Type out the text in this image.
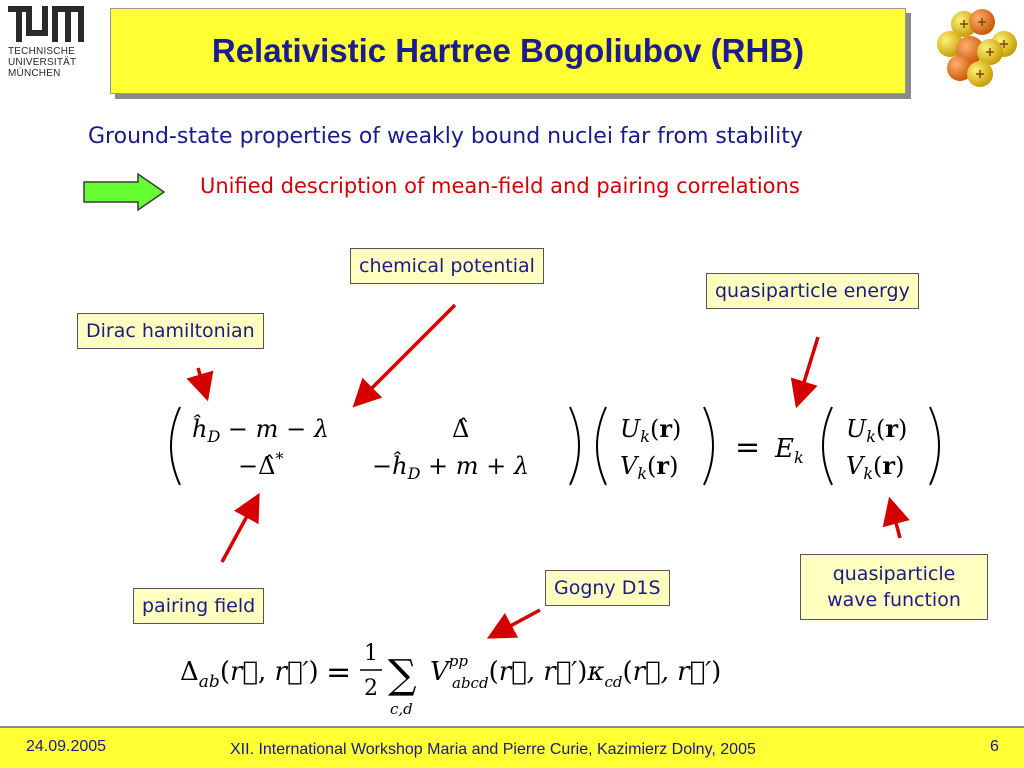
TECHNISCHE
UNIVERSITÄT
MÜNCHEN
Relativistic Hartree Bogoliubov (RHB)
Ground-state properties of weakly bound nuclei far from stability
Unified description of mean-field and pairing correlations
chemical potential
quasiparticle energy
Dirac hamiltonian
pairing field
Gogny D1S
quasiparticle
wave function
$ĥ_D - m - \lambda$	Δ̂
−Δ̂*	$-ĥ_D + m + \lambda$
$U_k(r)$
$V_k(r)$
= $E_k$
$U_k(r)$
$V_k(r)$
$\Delta_{ab}(r⃗$, r⃗′) =
1
2 ∑
c,d
$V^{pp}$ abcd(r⃗, $r⃗')\kappa_{cd}(r⃗$, r⃗′)
24.09.2005	XII. International Workshop Maria and Pierre Curie, Kazimierz Dolny, 2005	6
